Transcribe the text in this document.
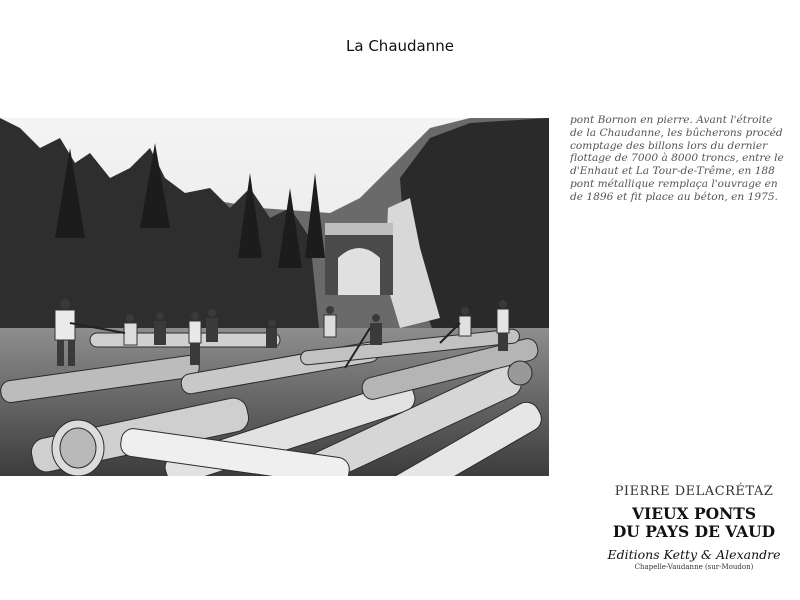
La Chaudanne
pont Bornon en pierre. Avant l'étroite
de la Chaudanne, les bûcherons procéd
comptage des billons lors du dernier
flottage de 7000 à 8000 troncs, entre le
d'Enhaut et La Tour-de-Trême, en 188
pont métallique remplaça l'ouvrage en
de 1896 et fit place au béton, en 1975.
PIERRE DELACRÉTAZ
VIEUX PONTS
DU PAYS DE VAUD
Editions Ketty & Alexandre
Chapelle-Vaudanne (sur-Moudon)
